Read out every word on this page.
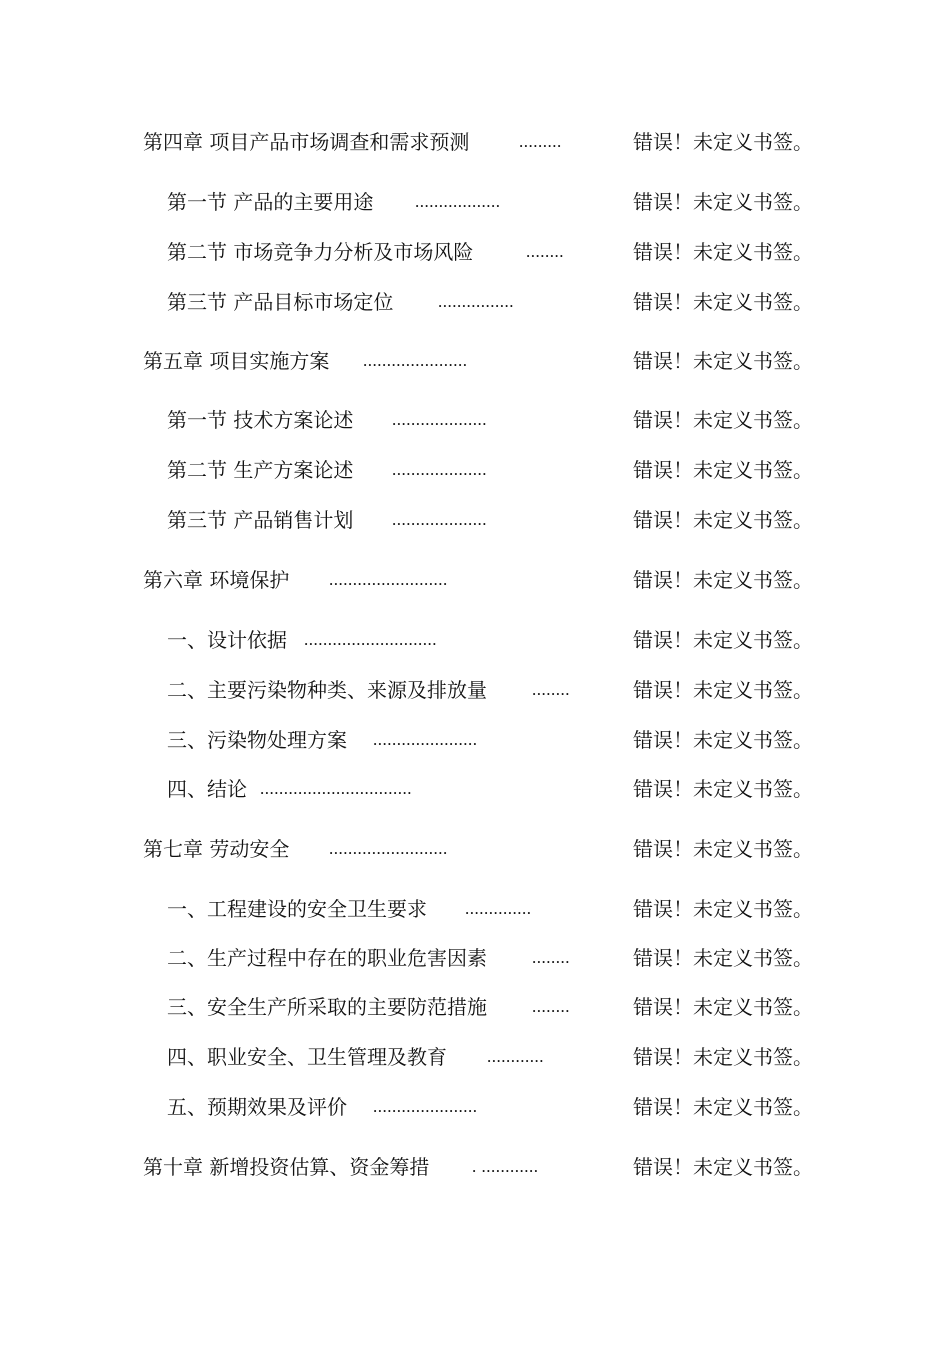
第四章 项目产品市场调查和需求预测	.........	错误！未定义书签。
第一节 产品的主要用途 ..................	错误！未定义书签。
第二节 市场竞争力分析及市场风险	........	错误！未定义书签。
第三节 产品目标市场定位	................	错误！未定义书签。
第五章 项目实施方案 ......................	错误！未定义书签。
第一节 技术方案论述 ....................	错误！未定义书签。
第二节 生产方案论述 ....................	错误！未定义书签。
第三节 产品销售计划 ....................	错误！未定义书签。
第六章 环境保护 .........................	错误！未定义书签。
一、设计依据 ............................	错误！未定义书签。
二、主要污染物种类、来源及排放量	........	错误！未定义书签。
三、污染物处理方案 ......................	错误！未定义书签。
四、结论 ................................	错误！未定义书签。
第七章 劳动安全 .........................	错误！未定义书签。
一、工程建设的安全卫生要求 ..............	错误！未定义书签。
二、生产过程中存在的职业危害因素	........	错误！未定义书签。
三、安全生产所采取的主要防范措施	........	错误！未定义书签。
四、职业安全、卫生管理及教育 ............	错误！未定义书签。
五、预期效果及评价 ......................	错误！未定义书签。
第十章 新增投资估算、资金筹措	. ............	错误！未定义书签。
